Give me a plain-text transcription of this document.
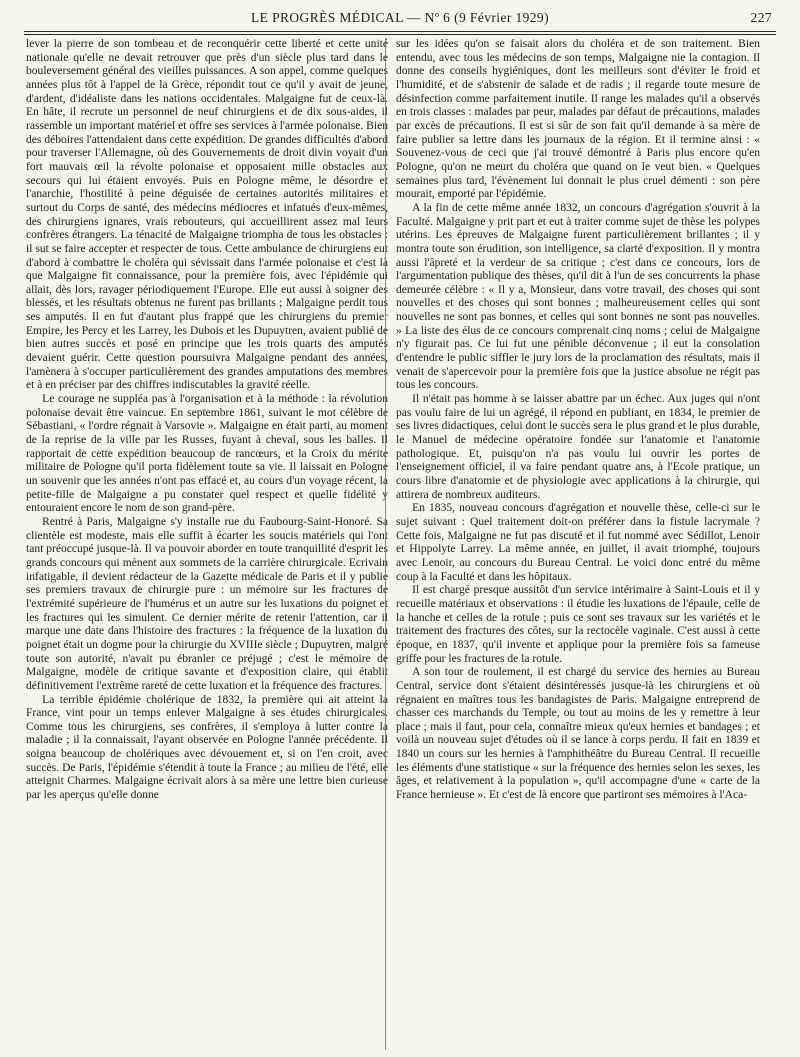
LE PROGRÈS MÉDICAL — Nº 6 (9 Février 1929)	227

lever la pierre de son tombeau et de reconquérir cette liberté et cette unité nationale qu'elle ne devait retrouver que près d'un siècle plus tard dans le bouleversement général des vieilles puissances. A son appel, comme quelques années plus tôt à l'appel de la Grèce, répondit tout ce qu'il y avait de jeune, d'ardent, d'idéaliste dans les nations occidentales. Malgaigne fut de ceux-là. En hâte, il recrute un personnel de neuf chirurgiens et de dix sous-aides, il rassemble un important matériel et offre ses services à l'armée polonaise. Bien des déboires l'attendaient dans cette expédition. De grandes difficultés d'abord pour traverser l'Allemagne, où des Gouvernements de droit divin voyait d'un fort mauvais œil la révolte polonaise et opposaient mille obstacles aux secours qui lui étaient envoyés. Puis en Pologne même, le désordre et l'anarchie, l'hostilité à peine déguisée de certaines autorités militaires et surtout du Corps de santé, des médecins médiocres et infatués d'eux-mêmes, des chirurgiens ignares, vrais rebouteurs, qui accueillirent assez mal leurs confrères étrangers. La ténacité de Malgaigne triompha de tous les obstacles : il sut se faire accepter et respecter de tous. Cette ambulance de chirurgiens eut d'abord à combattre le choléra qui sévissait dans l'armée polonaise et c'est là que Malgaigne fit connaissance, pour la première fois, avec l'épidémie qui allait, dès lors, ravager périodiquement l'Europe. Elle eut aussi à soigner des blessés, et les résultats obtenus ne furent pas brillants ; Malgaigne perdit tous ses amputés. Il en fut d'autant plus frappé que les chirurgiens du premier Empire, les Percy et les Larrey, les Dubois et les Dupuytren, avaient publié de bien autres succès et posé en principe que les trois quarts des amputés devaient guérir. Cette question poursuivra Malgaigne pendant des années, l'amènera à s'occuper particulièrement des grandes amputations des membres et à en préciser par des chiffres indiscutables la gravité réelle.

Le courage ne suppléa pas à l'organisation et à la méthode : la révolution polonaise devait être vaincue. En septembre 1861, suivant le mot célèbre de Sébastiani, « l'ordre régnait à Varsovie ». Malgaigne en était parti, au moment de la reprise de la ville par les Russes, fuyant à cheval, sous les balles. Il rapportait de cette expédition beaucoup de rancœurs, et la Croix du mérite militaire de Pologne qu'il porta fidèlement toute sa vie. Il laissait en Pologne un souvenir que les années n'ont pas effacé et, au cours d'un voyage récent, la petite-fille de Malgaigne a pu constater quel respect et quelle fidélité y entouraient encore le nom de son grand-père.

Rentré à Paris, Malgaigne s'y installe rue du Faubourg-Saint-Honoré. Sa clientèle est modeste, mais elle suffit à écarter les soucis matériels qui l'ont tant préoccupé jusque-là. Il va pouvoir aborder en toute tranquillité d'esprit les grands concours qui mènent aux sommets de la carrière chirurgicale. Ecrivain infatigable, il devient rédacteur de la Gazette médicale de Paris et il y publie ses premiers travaux de chirurgie pure : un mémoire sur les fractures de l'extrémité supérieure de l'humérus et un autre sur les luxations du poignet et les fractures qui les simulent. Ce dernier mérite de retenir l'attention, car il marque une date dans l'histoire des fractures : la fréquence de la luxation du poignet était un dogme pour la chirurgie du XVIIIe siècle ; Dupuytren, malgré toute son autorité, n'avait pu ébranler ce préjugé ; c'est le mémoire de Malgaigne, modèle de critique savante et d'exposition claire, qui établit définitivement l'extrême rareté de cette luxation et la fréquence des fractures.

La terrible épidémie cholérique de 1832, la première qui ait atteint la France, vint pour un temps enlever Malgaigne à ses études chirurgicales. Comme tous les chirurgiens, ses confrères, il s'employa à lutter contre la maladie ; il la connaissait, l'ayant observée en Pologne l'année précédente. Il soigna beaucoup de cholériques avec dévouement et, si on l'en croit, avec succès. De Paris, l'épidémie s'étendit à toute la France ; au milieu de l'été, elle atteignit Charmes. Malgaigne écrivait alors à sa mère une lettre bien curieuse par les aperçus qu'elle donne

sur les idées qu'on se faisait alors du choléra et de son traitement. Bien entendu, avec tous les médecins de son temps, Malgaigne nie la contagion. Il donne des conseils hygiéniques, dont les meilleurs sont d'éviter le froid et l'humidité, et de s'abstenir de salade et de radis ; il regarde toute mesure de désinfection comme parfaitement inutile. Il range les malades qu'il a observés en trois classes : malades par peur, malades par défaut de précautions, malades par excès de précautions. Il est si sûr de son fait qu'il demande à sa mère de faire publier sa lettre dans les journaux de la région. Et il termine ainsi : « Souvenez-vous de ceci que j'ai trouvé démontré à Paris plus encore qu'en Pologne, qu'on ne meurt du choléra que quand on le veut bien. « Quelques semaines plus tard, l'évènement lui donnait le plus cruel démenti : son père mourait, emporté par l'épidémie.

A la fin de cette même année 1832, un concours d'agrégation s'ouvrit à la Faculté. Malgaigne y prit part et eut à traiter comme sujet de thèse les polypes utérins. Les épreuves de Malgaigne furent particulièrement brillantes ; il y montra toute son érudition, son intelligence, sa clarté d'exposition. Il y montra aussi l'âpreté et la verdeur de sa critique ; c'est dans ce concours, lors de l'argumentation publique des thèses, qu'il dit à l'un de ses concurrents la phase demeurée célèbre : « Il y a, Monsieur, dans votre travail, des choses qui sont nouvelles et des choses qui sont bonnes ; malheureusement celles qui sont nouvelles ne sont pas bonnes, et celles qui sont bonnes ne sont pas nouvelles. » La liste des élus de ce concours comprenait cinq noms ; celui de Malgaigne n'y figurait pas. Ce lui fut une pénible déconvenue ; il eut la consolation d'entendre le public siffler le jury lors de la proclamation des résultats, mais il venait de s'apercevoir pour la première fois que la justice absolue ne régit pas tous les concours.

Il n'était pas homme à se laisser abattre par un échec. Aux juges qui n'ont pas voulu faire de lui un agrégé, il répond en publiant, en 1834, le premier de ses livres didactiques, celui dont le succès sera le plus grand et le plus durable, le Manuel de médecine opératoire fondée sur l'anatomie et l'anatomie pathologique. Et, puisqu'on n'a pas voulu lui ouvrir les portes de l'enseignement officiel, il va faire pendant quatre ans, à l'Ecole pratique, un cours libre d'anatomie et de physiologie avec applications à la chirurgie, qui attirera de nombreux auditeurs.

En 1835, nouveau concours d'agrégation et nouvelle thèse, celle-ci sur le sujet suivant : Quel traitement doit-on préférer dans la fistule lacrymale ? Cette fois, Malgaigne ne fut pas discuté et il fut nommé avec Sédillot, Lenoir et Hippolyte Larrey. La même année, en juillet, il avait triomphé, toujours avec Lenoir, au concours du Bureau Central. Le voici donc entré du même coup à la Faculté et dans les hôpitaux.

Il est chargé presque aussitôt d'un service intérimaire à Saint-Louis et il y recueille matériaux et observations : il étudie les luxations de l'épaule, celle de la hanche et celles de la rotule ; puis ce sont ses travaux sur les variétés et le traitement des fractures des côtes, sur la rectocèle vaginale. C'est aussi à cette époque, en 1837, qu'il invente et applique pour la première fois sa fameuse griffe pour les fractures de la rotule.

A son tour de roulement, il est chargé du service des hernies au Bureau Central, service dont s'étaient désintéressés jusque-là les chirurgiens et où régnaient en maîtres tous les bandagistes de Paris. Malgaigne entreprend de chasser ces marchands du Temple, ou tout au moins de les y remettre à leur place ; mais il faut, pour cela, connaître mieux qu'eux hernies et bandages ; et voilà un nouveau sujet d'études où il se lance à corps perdu. Il fait en 1839 et 1840 un cours sur les hernies à l'amphithéâtre du Bureau Central. Il recueille les éléments d'une statistique « sur la fréquence des hernies selon les sexes, les âges, et relativement à la population », qu'il accompagne d'une « carte de la France hernieuse ». Et c'est de là encore que partiront ses mémoires à l'Aca-
